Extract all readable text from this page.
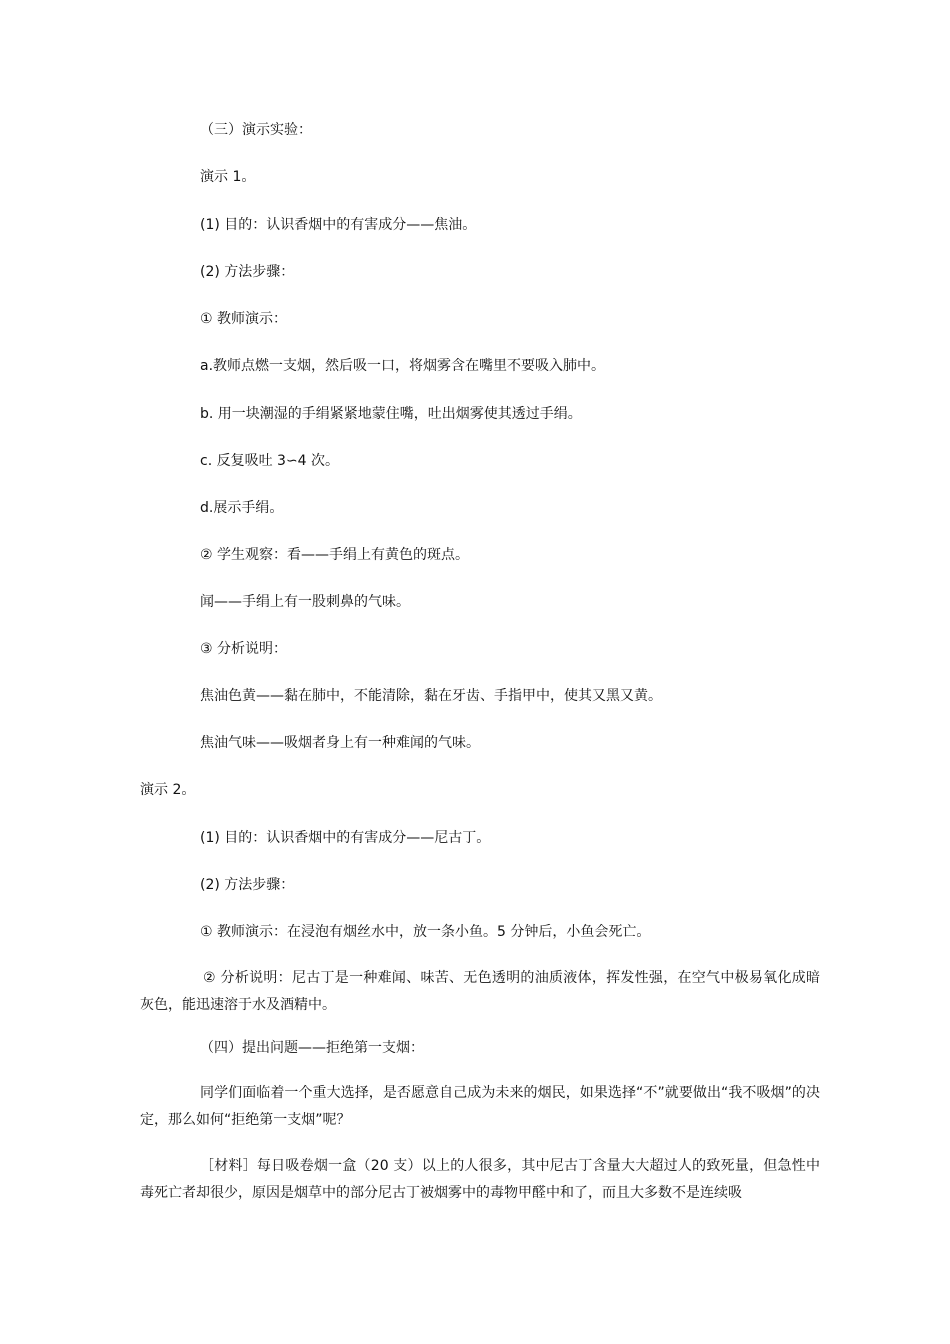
（三）演示实验：
演示 1。
(1) 目的：认识香烟中的有害成分——焦油。
(2) 方法步骤：
① 教师演示：
a.教师点燃一支烟，然后吸一口，将烟雾含在嘴里不要吸入肺中。
b. 用一块潮湿的手绢紧紧地蒙住嘴，吐出烟雾使其透过手绢。
c. 反复吸吐 3∽4 次。
d.展示手绢。
② 学生观察：看——手绢上有黄色的斑点。
闻——手绢上有一股刺鼻的气味。
③ 分析说明：
焦油色黄——黏在肺中，不能清除，黏在牙齿、手指甲中，使其又黑又黄。
焦油气味——吸烟者身上有一种难闻的气味。
演示 2。
(1) 目的：认识香烟中的有害成分——尼古丁。
(2) 方法步骤：
① 教师演示：在浸泡有烟丝水中，放一条小鱼。5 分钟后，小鱼会死亡。
② 分析说明：尼古丁是一种难闻、味苦、无色透明的油质液体，挥发性强，在空气中极易氧化成暗灰色，能迅速溶于水及酒精中。
（四）提出问题——拒绝第一支烟：
同学们面临着一个重大选择，是否愿意自己成为未来的烟民，如果选择“不”就要做出“我不吸烟”的决定，那么如何“拒绝第一支烟”呢？
［材料］每日吸卷烟一盒（20 支）以上的人很多，其中尼古丁含量大大超过人的致死量，但急性中毒死亡者却很少，原因是烟草中的部分尼古丁被烟雾中的毒物甲醛中和了，而且大多数不是连续吸
